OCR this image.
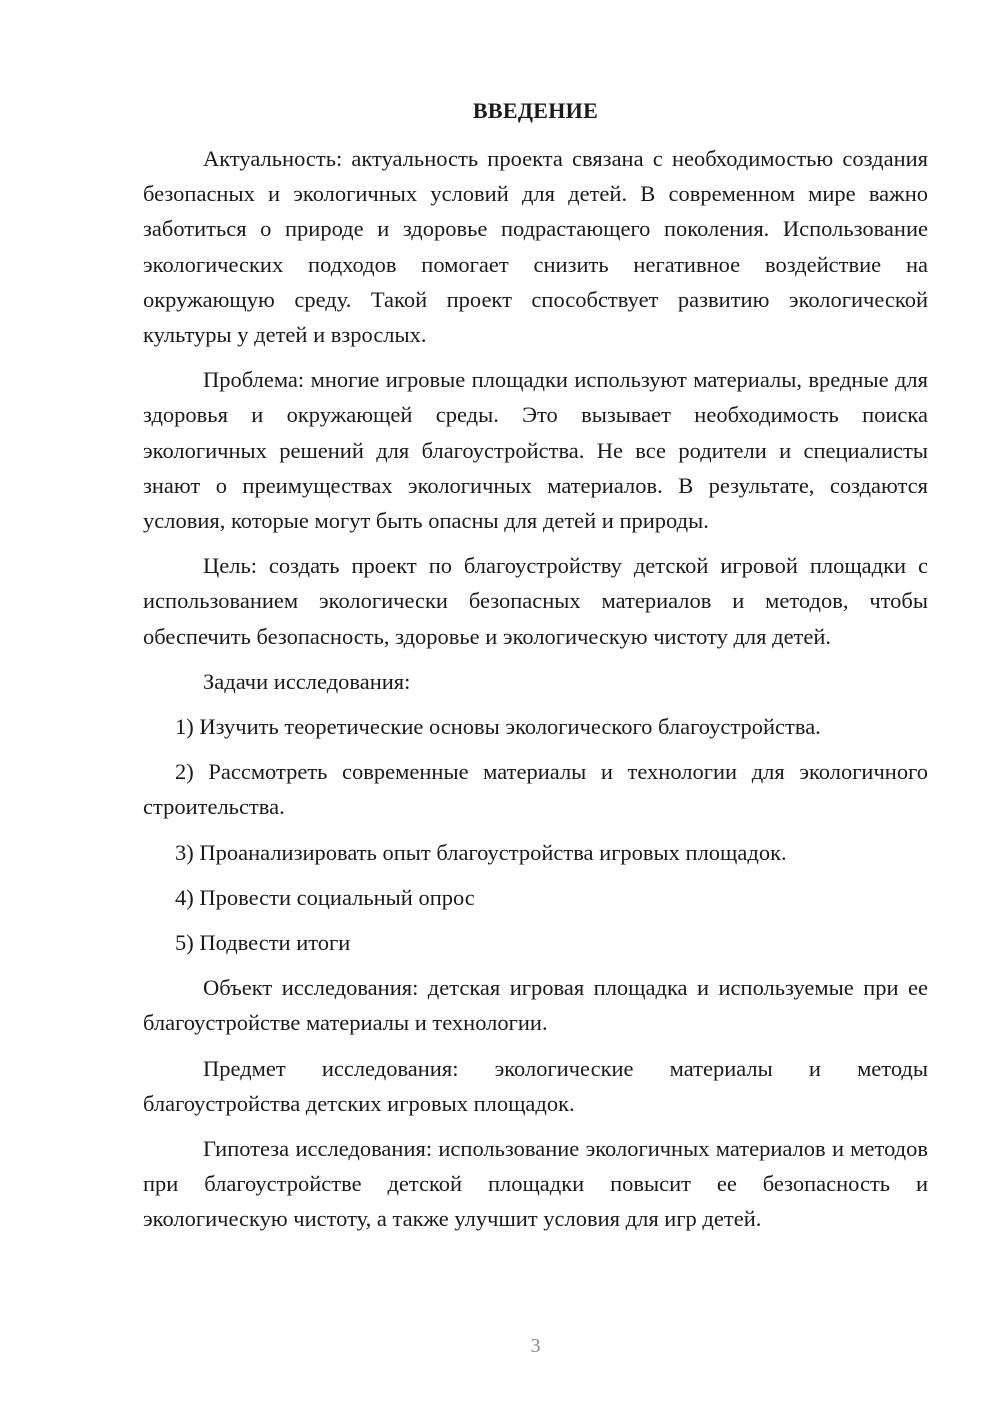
ВВЕДЕНИЕ

Актуальность: актуальность проекта связана с необходимостью создания безопасных и экологичных условий для детей. В современном мире важно заботиться о природе и здоровье подрастающего поколения. Использование экологических подходов помогает снизить негативное воздействие на окружающую среду. Такой проект способствует развитию экологической культуры у детей и взрослых.

Проблема: многие игровые площадки используют материалы, вредные для здоровья и окружающей среды. Это вызывает необходимость поиска экологичных решений для благоустройства. Не все родители и специалисты знают о преимуществах экологичных материалов. В результате, создаются условия, которые могут быть опасны для детей и природы.

Цель: создать проект по благоустройству детской игровой площадки с использованием экологически безопасных материалов и методов, чтобы обеспечить безопасность, здоровье и экологическую чистоту для детей.

Задачи исследования:

1) Изучить теоретические основы экологического благоустройства.

2) Рассмотреть современные материалы и технологии для экологичного строительства.

3) Проанализировать опыт благоустройства игровых площадок.

4) Провести социальный опрос

5) Подвести итоги

Объект исследования: детская игровая площадка и используемые при ее благоустройстве материалы и технологии.

Предмет исследования: экологические материалы и методы благоустройства детских игровых площадок.

Гипотеза исследования: использование экологичных материалов и методов при благоустройстве детской площадки повысит ее безопасность и экологическую чистоту, а также улучшит условия для игр детей.

3
